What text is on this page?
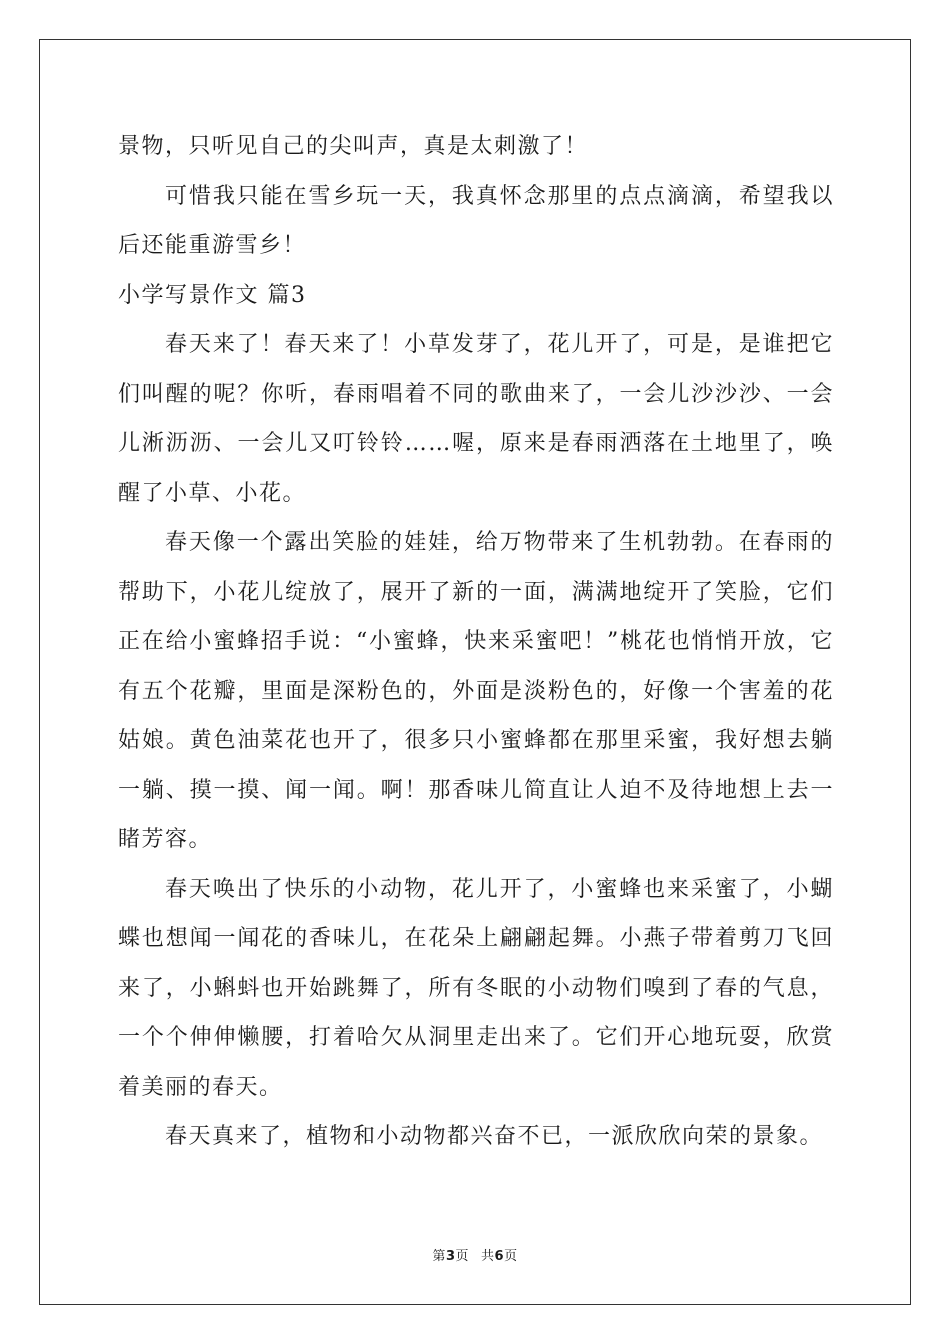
景物，只听见自己的尖叫声，真是太刺激了！

可惜我只能在雪乡玩一天，我真怀念那里的点点滴滴，希望我以后还能重游雪乡！

小学写景作文 篇3

春天来了！春天来了！小草发芽了，花儿开了，可是，是谁把它们叫醒的呢？你听，春雨唱着不同的歌曲来了，一会儿沙沙沙、一会儿淅沥沥、一会儿又叮铃铃……喔，原来是春雨洒落在土地里了，唤醒了小草、小花。

春天像一个露出笑脸的娃娃，给万物带来了生机勃勃。在春雨的帮助下，小花儿绽放了，展开了新的一面，满满地绽开了笑脸，它们正在给小蜜蜂招手说：“小蜜蜂，快来采蜜吧！”桃花也悄悄开放，它有五个花瓣，里面是深粉色的，外面是淡粉色的，好像一个害羞的花姑娘。黄色油菜花也开了，很多只小蜜蜂都在那里采蜜，我好想去躺一躺、摸一摸、闻一闻。啊！那香味儿简直让人迫不及待地想上去一睹芳容。

春天唤出了快乐的小动物，花儿开了，小蜜蜂也来采蜜了，小蝴蝶也想闻一闻花的香味儿，在花朵上翩翩起舞。小燕子带着剪刀飞回来了，小蝌蚪也开始跳舞了，所有冬眠的小动物们嗅到了春的气息，一个个伸伸懒腰，打着哈欠从洞里走出来了。它们开心地玩耍，欣赏着美丽的春天。

春天真来了，植物和小动物都兴奋不已，一派欣欣向荣的景象。

第3页 共6页
